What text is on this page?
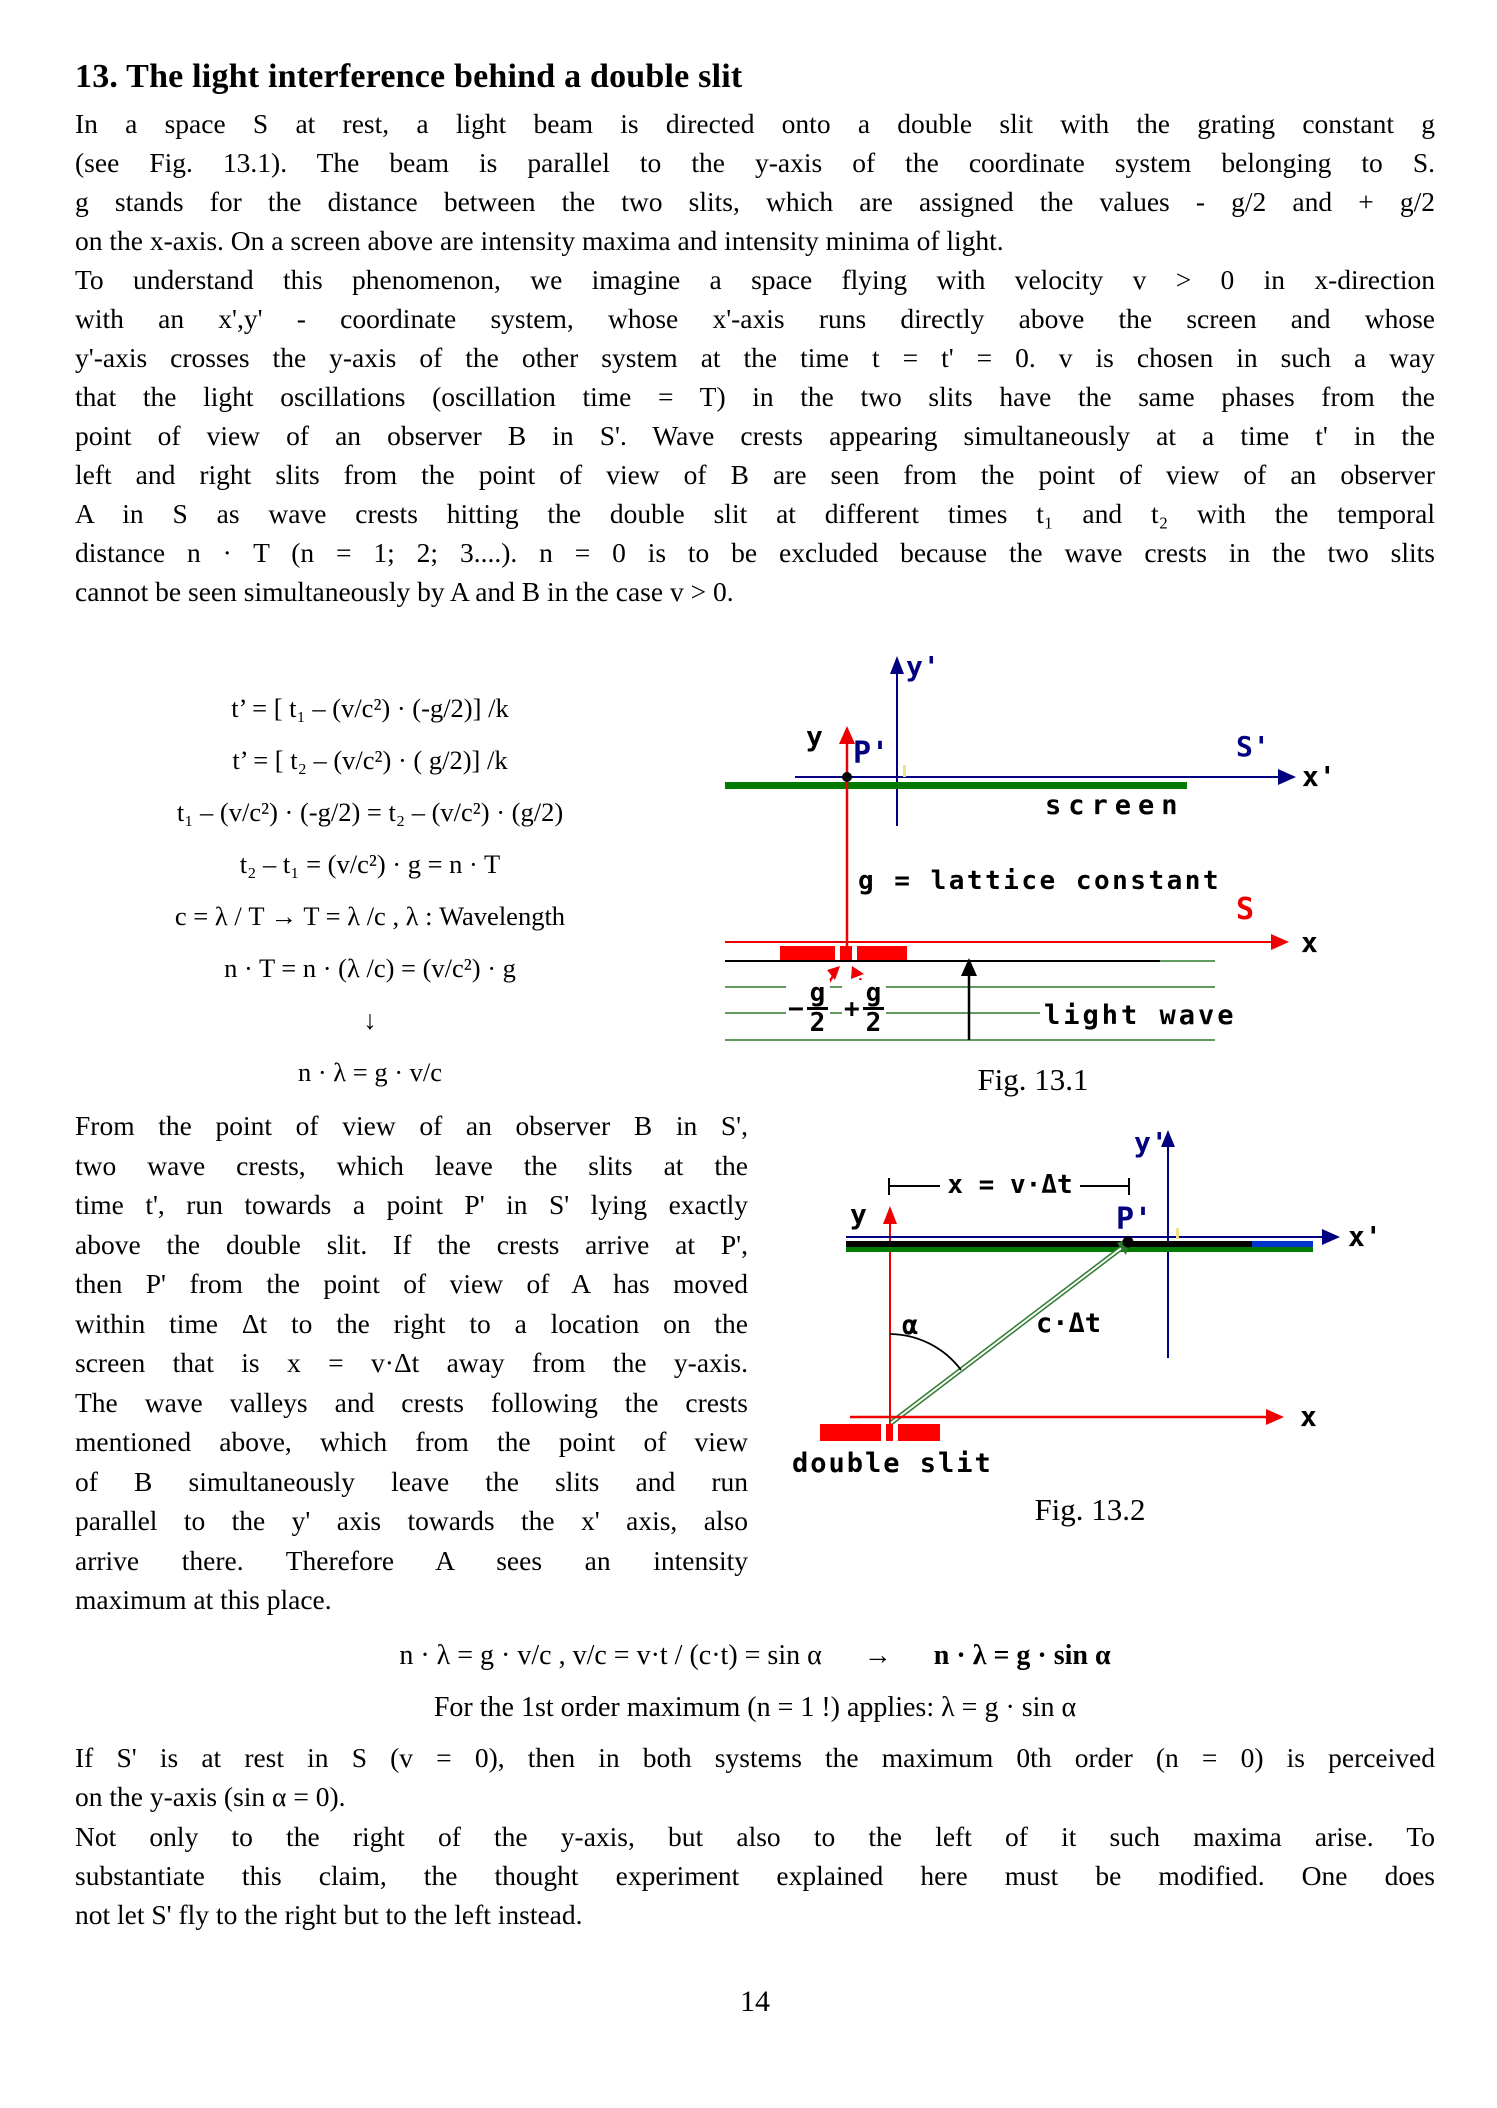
13. The light interference behind a double slit
In a space S at rest, a light beam is directed onto a double slit with the grating constant g
(see Fig. 13.1). The beam is parallel to the y-axis of the coordinate system belonging to S.
g stands for the distance between the two slits, which are assigned the values - g/2 and + g/2
on the x-axis. On a screen above are intensity maxima and intensity minima of light.
To understand this phenomenon, we imagine a space flying with velocity v > 0 in x-direction
with an x',y' - coordinate system, whose x'-axis runs directly above the screen and whose
y'-axis crosses the y-axis of the other system at the time t = t' = 0. v is chosen in such a way
that the light oscillations (oscillation time = T) in the two slits have the same phases from the
point of view of an observer B in S'. Wave crests appearing simultaneously at a time t' in the
left and right slits from the point of view of B are seen from the point of view of an observer
A in S as wave crests hitting the double slit at different times t₁ and t₂ with the temporal
distance n · T (n = 1; 2; 3....). n = 0 is to be excluded because the wave crests in the two slits
cannot be seen simultaneously by A and B in the case v > 0.
t’ = [ t₁ – (v/c²) · (-g/2)] /k
t’ = [ t₂ – (v/c²) · ( g/2)] /k
t₁ – (v/c²) · (-g/2) = t₂ – (v/c²) · (g/2)
t₂ – t₁ = (v/c²) · g = n · T
c = λ / T → T = λ /c , λ : Wavelength
n · T = n · (λ /c) = (v/c²) · g
↓
n · λ = g · v/c
y'
y P'	S'
x'
screen
g = lattice constant
S
x
− $\frac{g}{2} + \frac{g}{2}$	light wave
Fig. 13.1
From the point of view of an observer B in S',
two wave crests, which leave the slits at the
time t', run towards a point P' in S' lying exactly
above the double slit. If the crests arrive at P',
then P' from the point of view of A has moved
within time Δt to the right to a location on the
screen that is x = v·Δt away from the y-axis.
The wave valleys and crests following the crests
mentioned above, which from the point of view
of B simultaneously leave the slits and run
parallel to the y' axis towards the x' axis, also
arrive there. Therefore A sees an intensity
maximum at this place.
y'
x = v·Δt
y	P'	x'
α	c·Δt
x
double slit
Fig. 13.2
n · λ = g · v/c , v/c = v·t / (c·t) = sin α → n · λ = g · sin α
For the 1st order maximum (n = 1 !) applies: λ = g · sin α
If S' is at rest in S (v = 0), then in both systems the maximum 0th order (n = 0) is perceived
on the y-axis (sin α = 0).
Not only to the right of the y-axis, but also to the left of it such maxima arise. To
substantiate this claim, the thought experiment explained here must be modified. One does
not let S' fly to the right but to the left instead.
14
